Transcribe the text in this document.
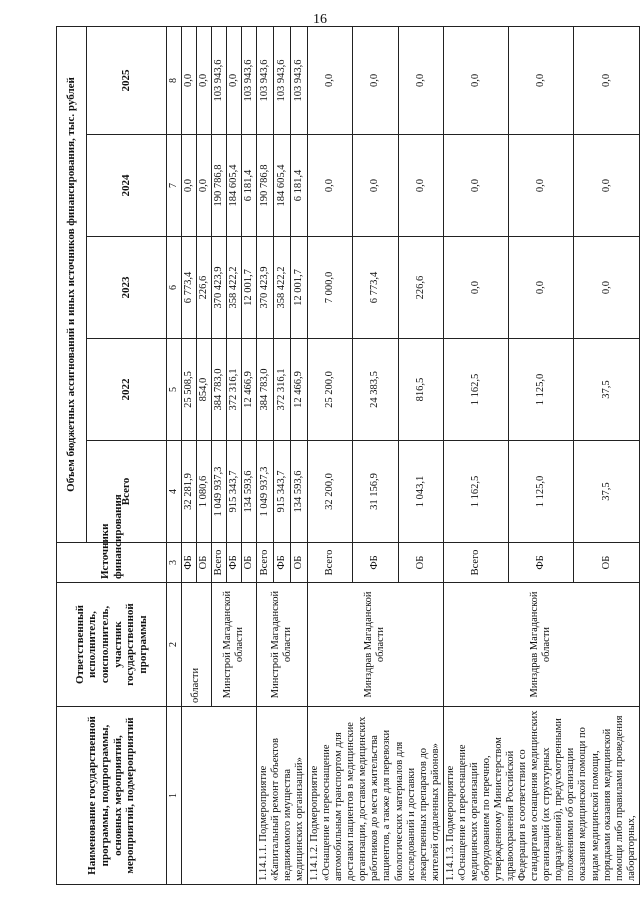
16
Наименование государственной программы, подпрограммы, основных мероприятий, мероприятий, подмероприятий	Ответственный исполнитель, соисполнитель, участник государственной программы	Источники финансирования	Объем бюджетных ассигнований и иных источников финансирования, тыс. рублей				
			Всего	2022	2023	2024	2025
1	2	3	4	5	6	7	8
	области	ФБ	32 281,9	25 508,5	6 773,4	0,0	0,0
		ОБ	1 080,6	854,0	226,6	0,0	0,0
	Минстрой Магаданской области	Всего	1 049 937,3	384 783,0	370 423,9	190 786,8	103 943,6
		ФБ	915 343,7	372 316,1	358 422,2	184 605,4	0,0
		ОБ	134 593,6	12 466,9	12 001,7	6 181,4	103 943,6
1.14.1.1. Подмероприятие «Капитальный ремонт объектов недвижимого имущества медицинских организаций»	Минстрой Магаданской области	Всего	1 049 937,3	384 783,0	370 423,9	190 786,8	103 943,6
		ФБ	915 343,7	372 316,1	358 422,2	184 605,4	103 943,6
		ОБ	134 593,6	12 466,9	12 001,7	6 181,4	103 943,6
1.14.1.2. Подмероприятие «Оснащение и переоснащение автомобильным транспортом для доставки пациентов в медицинские организации, доставки медицинских работников до места жительства пациентов, а также для перевозки биологических материалов для исследований и доставки лекарственных препаратов до жителей отдаленных районов»	Минздрав Магаданской области	Всего	32 200,0	25 200,0	7 000,0	0,0	0,0
		ФБ	31 156,9	24 383,5	6 773,4	0,0	0,0
		ОБ	1 043,1	816,5	226,6	0,0	0,0
1.14.1.3. Подмероприятие «Оснащение и переоснащение медицинских организаций оборудованием по перечню, утвержденному Министерством здравоохранения Российской Федерации в соответствии со стандартами оснащения медицинских организаций (их структурных подразделений), предусмотренными положениями об организации оказания медицинской помощи по видам медицинской помощи, порядками оказания медицинской помощи либо правилами проведения лабораторных,	Минздрав Магаданской области	Всего	1 162,5	1 162,5	0,0	0,0	0,0
		ФБ	1 125,0	1 125,0	0,0	0,0	0,0
		ОБ	37,5	37,5	0,0	0,0	0,0
